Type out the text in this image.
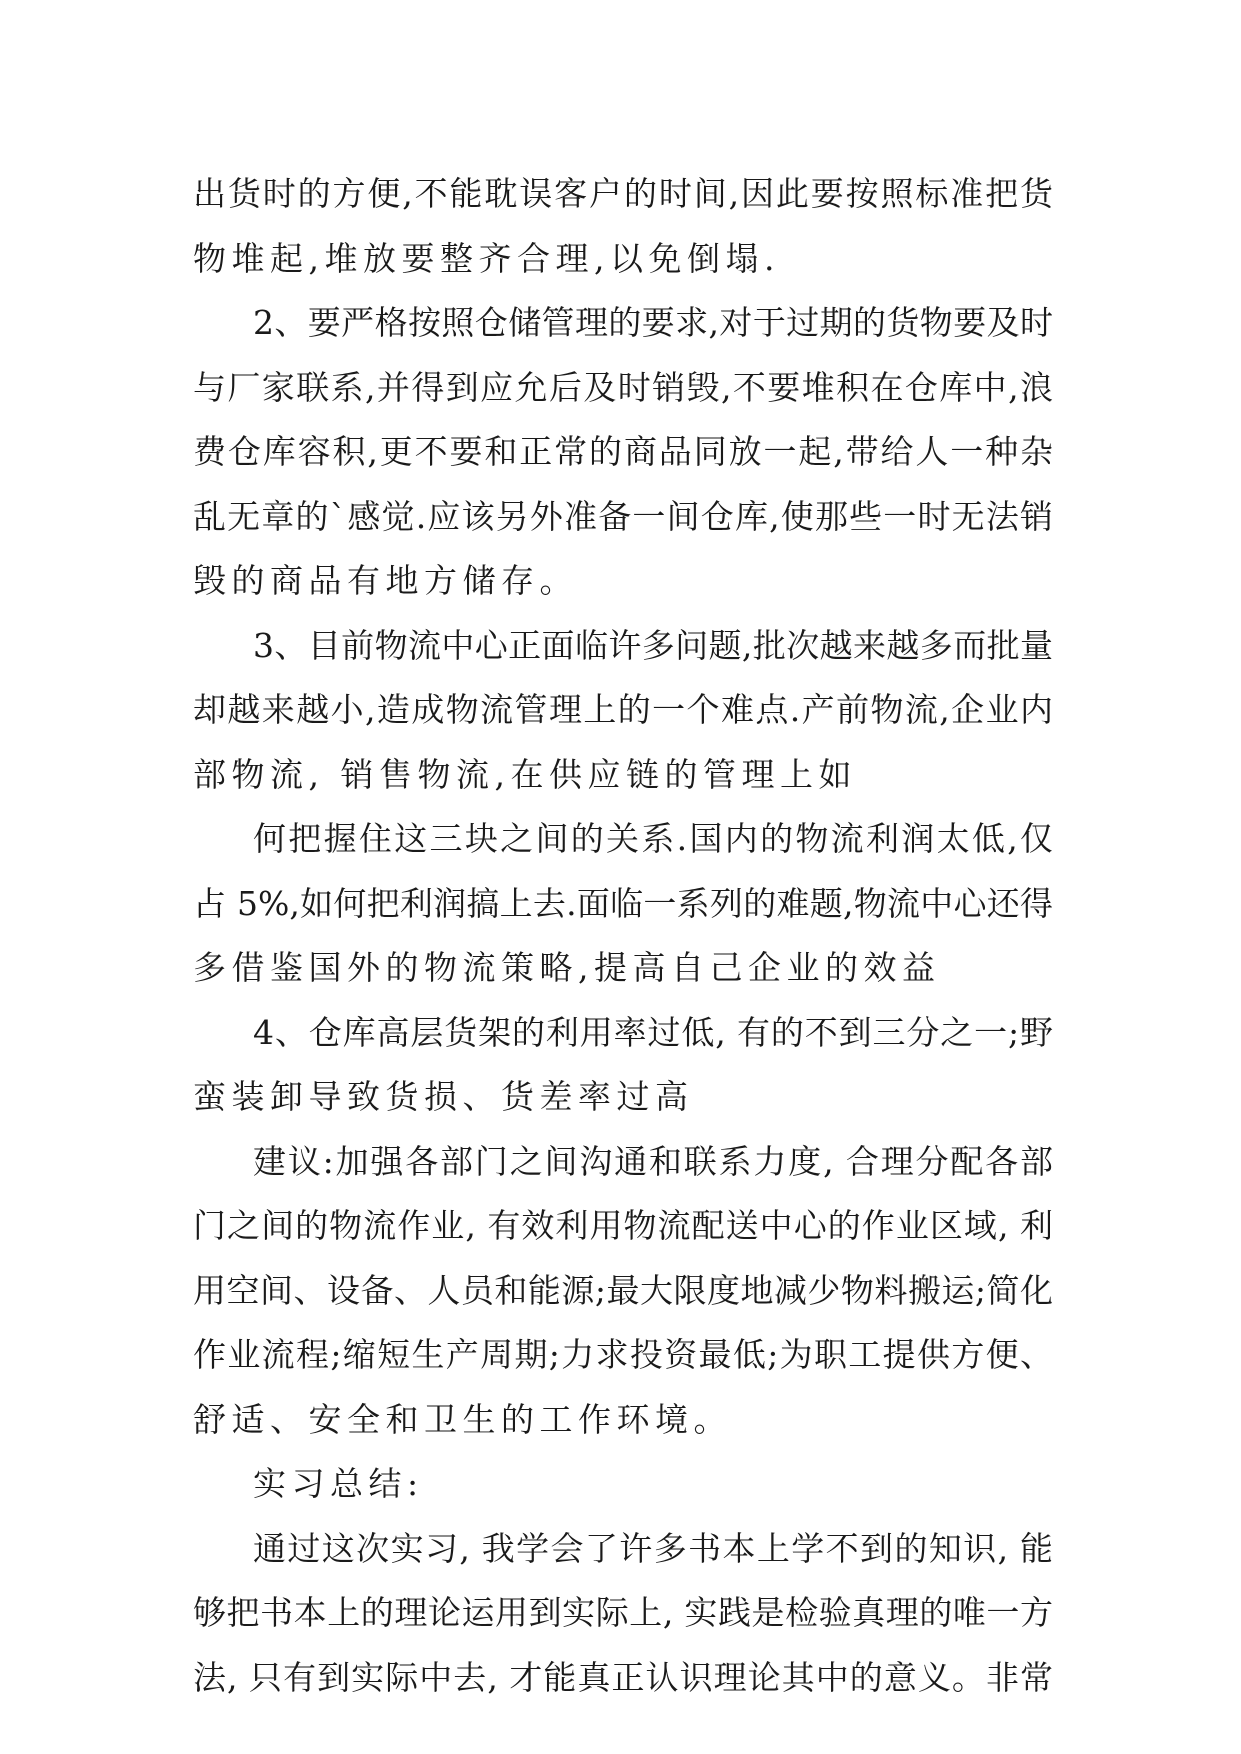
出货时的方便,不能耽误客户的时间,因此要按照标准把货
物堆起,堆放要整齐合理,以免倒塌.
2、要严格按照仓储管理的要求,对于过期的货物要及时
与厂家联系,并得到应允后及时销毁,不要堆积在仓库中,浪
费仓库容积,更不要和正常的商品同放一起,带给人一种杂
乱无章的`感觉.应该另外准备一间仓库,使那些一时无法销
毁的商品有地方储存。
3、目前物流中心正面临许多问题,批次越来越多而批量
却越来越小,造成物流管理上的一个难点.产前物流,企业内
部物流, 销售物流,在供应链的管理上如
何把握住这三块之间的关系.国内的物流利润太低,仅
占 5%,如何把利润搞上去.面临一系列的难题,物流中心还得
多借鉴国外的物流策略,提高自己企业的效益
4、仓库高层货架的利用率过低, 有的不到三分之一;野
蛮装卸导致货损、货差率过高
建议:加强各部门之间沟通和联系力度, 合理分配各部
门之间的物流作业, 有效利用物流配送中心的作业区域, 利
用空间、设备、人员和能源;最大限度地减少物料搬运;简化
作业流程;缩短生产周期;力求投资最低;为职工提供方便、
舒适、安全和卫生的工作环境。
实习总结:
通过这次实习, 我学会了许多书本上学不到的知识, 能
够把书本上的理论运用到实际上, 实践是检验真理的唯一方
法, 只有到实际中去, 才能真正认识理论其中的意义。非常
